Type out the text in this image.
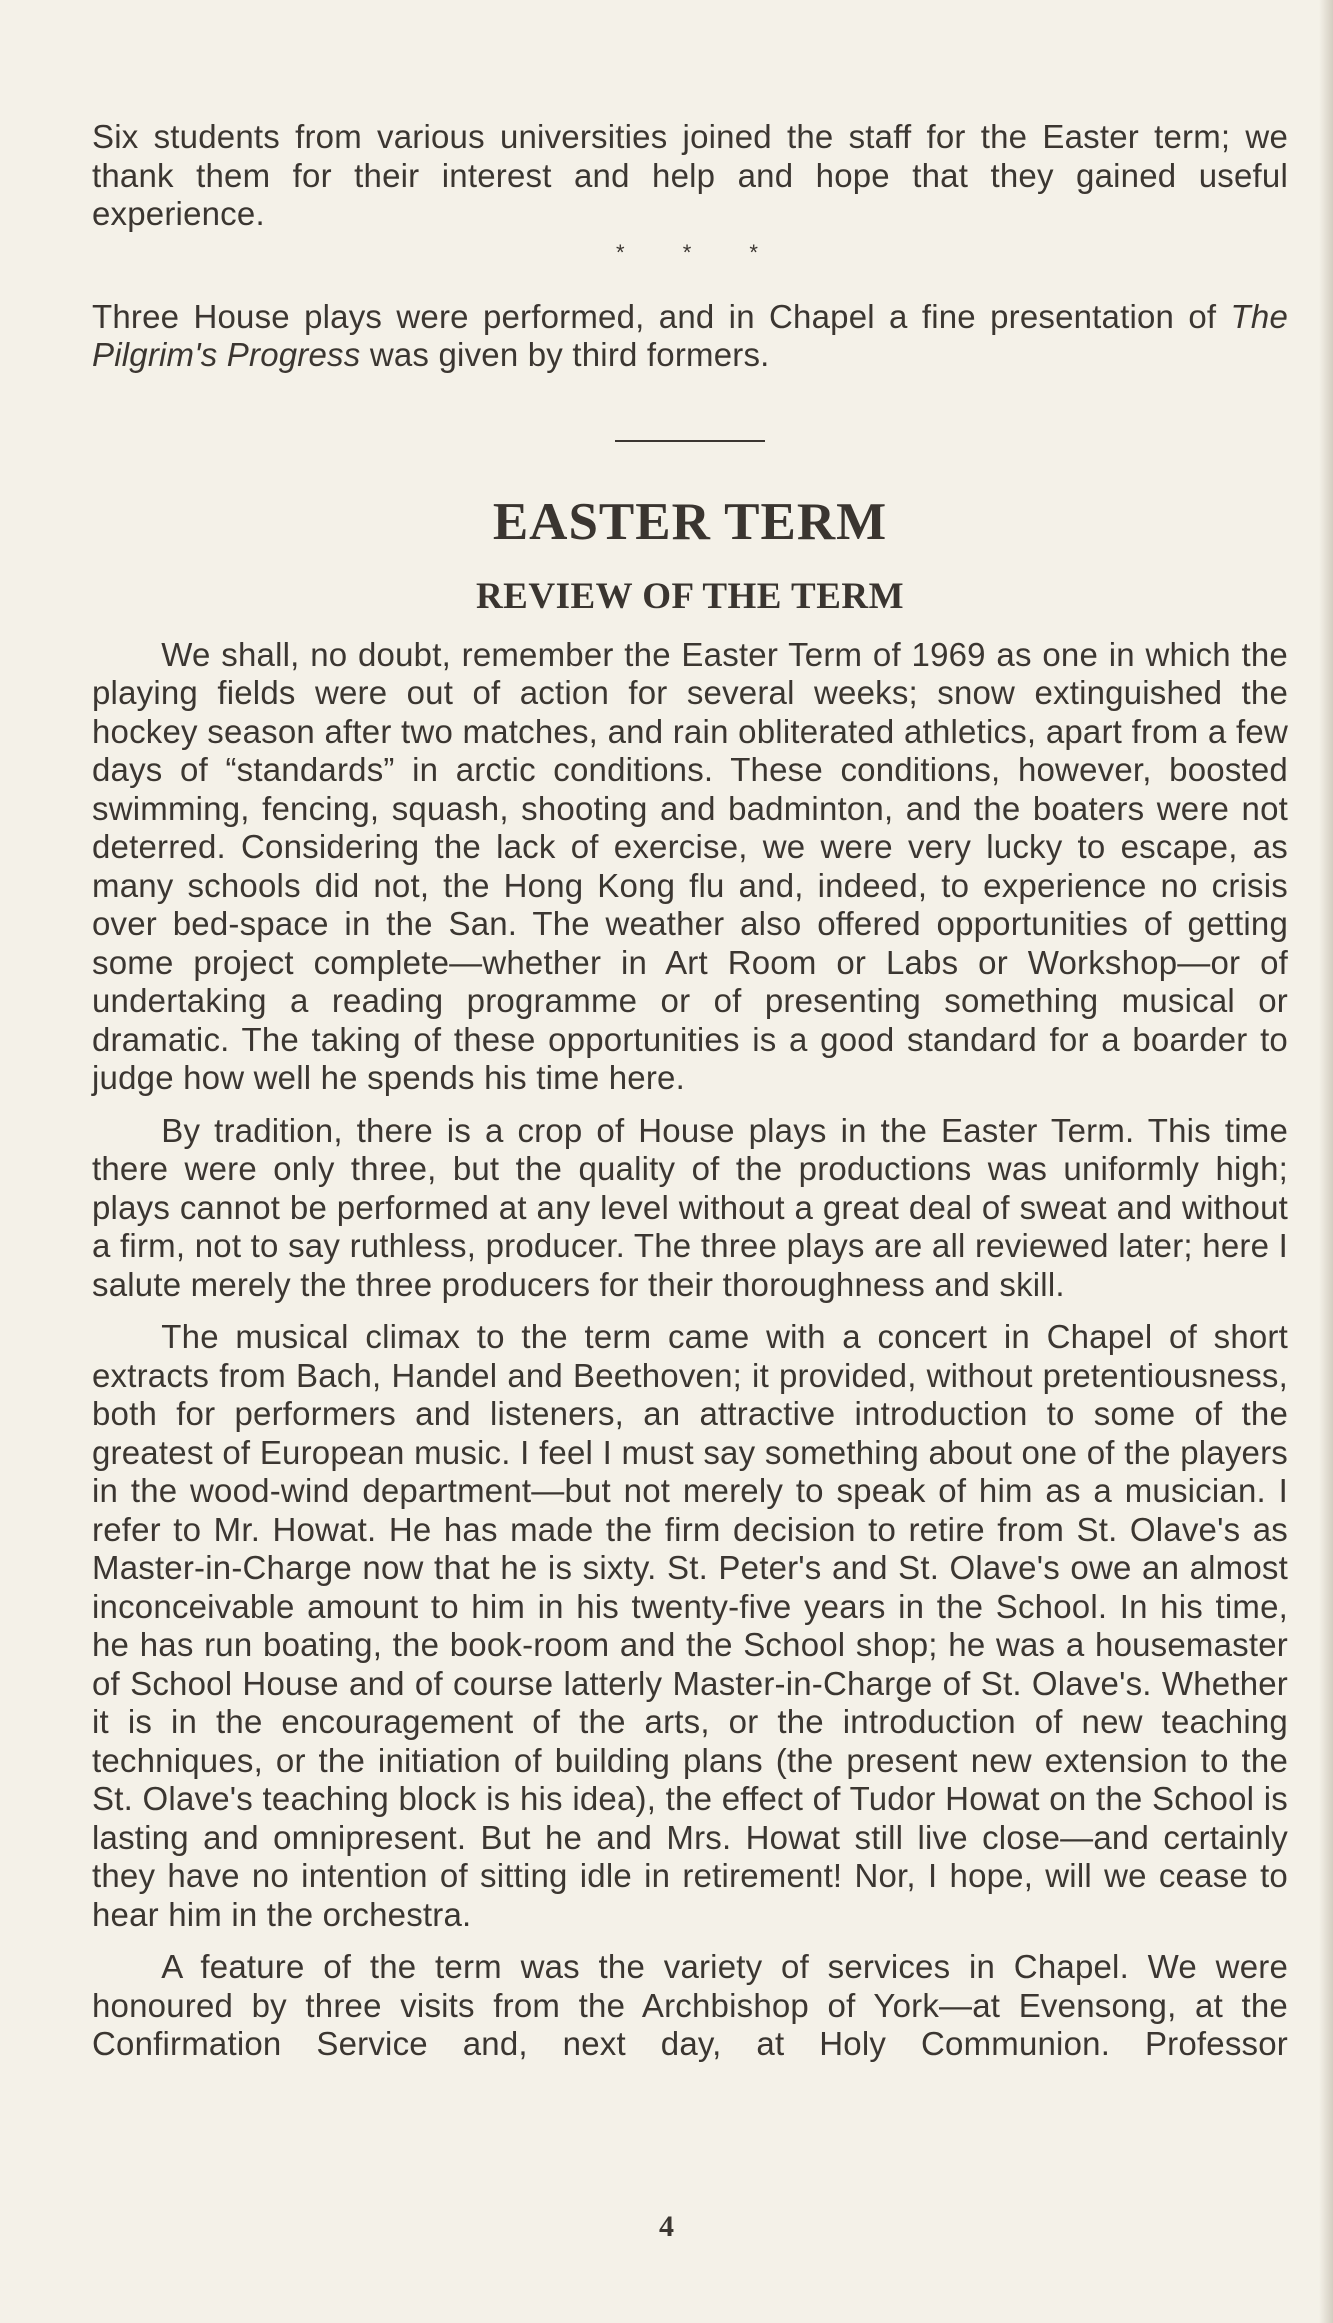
Six students from various universities joined the staff for the Easter term; we thank them for their interest and help and hope that they gained useful experience.

* * *

Three House plays were performed, and in Chapel a fine presentation of The Pilgrim's Progress was given by third formers.

EASTER TERM
REVIEW OF THE TERM

We shall, no doubt, remember the Easter Term of 1969 as one in which the playing fields were out of action for several weeks; snow extinguished the hockey season after two matches, and rain obliterated athletics, apart from a few days of “standards” in arctic conditions. These conditions, however, boosted swimming, fencing, squash, shooting and badminton, and the boaters were not deterred. Considering the lack of exercise, we were very lucky to escape, as many schools did not, the Hong Kong flu and, indeed, to experience no crisis over bed-space in the San. The weather also offered opportunities of getting some project complete—whether in Art Room or Labs or Workshop—or of undertaking a reading programme or of presenting something musical or dramatic. The taking of these opportunities is a good standard for a boarder to judge how well he spends his time here.

By tradition, there is a crop of House plays in the Easter Term. This time there were only three, but the quality of the productions was uniformly high; plays cannot be performed at any level without a great deal of sweat and without a firm, not to say ruthless, producer. The three plays are all reviewed later; here I salute merely the three producers for their thoroughness and skill.

The musical climax to the term came with a concert in Chapel of short extracts from Bach, Handel and Beethoven; it provided, without pretentiousness, both for performers and listeners, an attractive introduction to some of the greatest of European music. I feel I must say something about one of the players in the wood-wind department—but not merely to speak of him as a musician. I refer to Mr. Howat. He has made the firm decision to retire from St. Olave's as Master-in-Charge now that he is sixty. St. Peter's and St. Olave's owe an almost inconceivable amount to him in his twenty-five years in the School. In his time, he has run boating, the book-room and the School shop; he was a housemaster of School House and of course latterly Master-in-Charge of St. Olave's. Whether it is in the encouragement of the arts, or the introduction of new teaching techniques, or the initiation of building plans (the present new extension to the St. Olave's teaching block is his idea), the effect of Tudor Howat on the School is lasting and omnipresent. But he and Mrs. Howat still live close—and certainly they have no intention of sitting idle in retirement! Nor, I hope, will we cease to hear him in the orchestra.

A feature of the term was the variety of services in Chapel. We were honoured by three visits from the Archbishop of York—at Evensong, at the Confirmation Service and, next day, at Holy Communion. Professor

4
